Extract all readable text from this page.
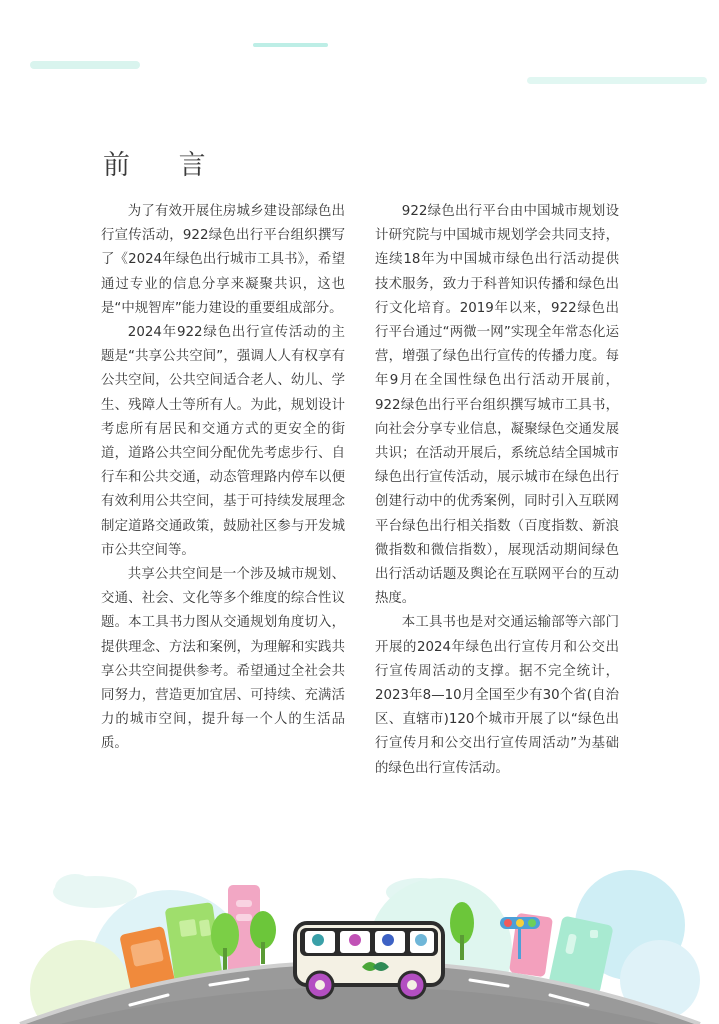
前 言

为了有效开展住房城乡建设部绿色出行宣传活动，922绿色出行平台组织撰写了《2024年绿色出行城市工具书》，希望通过专业的信息分享来凝聚共识，这也是“中规智库”能力建设的重要组成部分。

2024年922绿色出行宣传活动的主题是“共享公共空间”，强调人人有权享有公共空间，公共空间适合老人、幼儿、学生、残障人士等所有人。为此，规划设计考虑所有居民和交通方式的更安全的街道，道路公共空间分配优先考虑步行、自行车和公共交通，动态管理路内停车以便有效利用公共空间，基于可持续发展理念制定道路交通政策，鼓励社区参与开发城市公共空间等。

共享公共空间是一个涉及城市规划、交通、社会、文化等多个维度的综合性议题。本工具书力图从交通规划角度切入，提供理念、方法和案例，为理解和实践共享公共空间提供参考。希望通过全社会共同努力，营造更加宜居、可持续、充满活力的城市空间，提升每一个人的生活品质。

922绿色出行平台由中国城市规划设计研究院与中国城市规划学会共同支持，连续18年为中国城市绿色出行活动提供技术服务，致力于科普知识传播和绿色出行文化培育。2019年以来，922绿色出行平台通过“两微一网”实现全年常态化运营，增强了绿色出行宣传的传播力度。每年9月在全国性绿色出行活动开展前，922绿色出行平台组织撰写城市工具书，向社会分享专业信息，凝聚绿色交通发展共识；在活动开展后，系统总结全国城市绿色出行宣传活动，展示城市在绿色出行创建行动中的优秀案例，同时引入互联网平台绿色出行相关指数（百度指数、新浪微指数和微信指数），展现活动期间绿色出行活动话题及舆论在互联网平台的互动热度。

本工具书也是对交通运输部等六部门开展的2024年绿色出行宣传月和公交出行宣传周活动的支撑。据不完全统计，2023年8—10月全国至少有30个省(自治区、直辖市)120个城市开展了以“绿色出行宣传月和公交出行宣传周活动”为基础的绿色出行宣传活动。
